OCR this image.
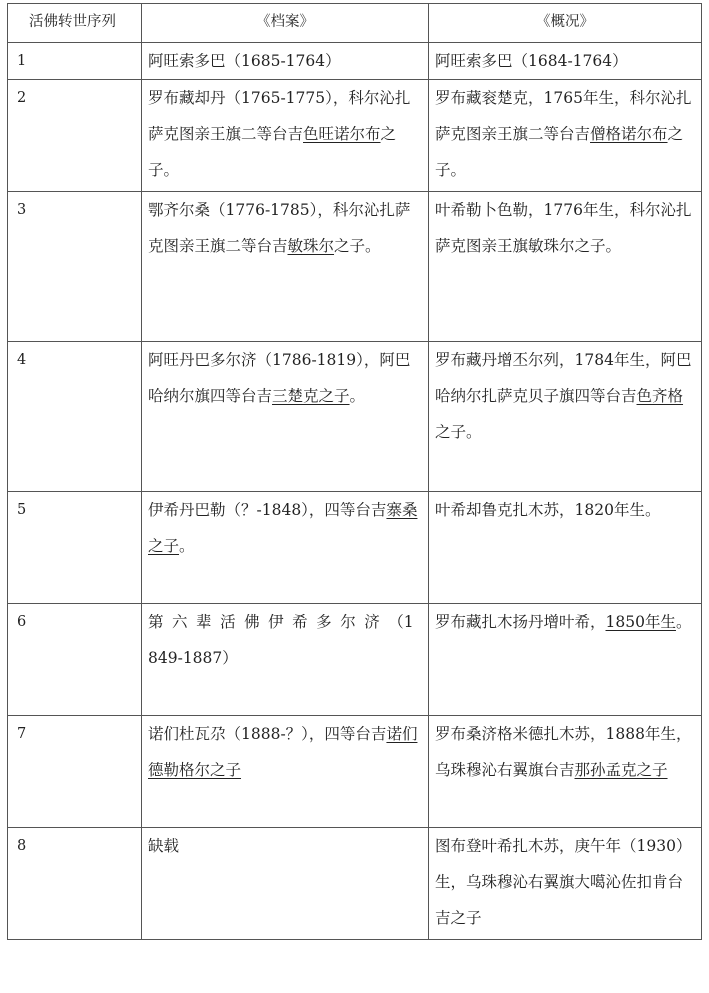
活佛转世序列	《档案》	《概况》
1	阿旺索多巴（1685-1764）	阿旺索多巴（1684-1764）
2	罗布藏却丹（1765-1775），科尔沁扎萨克图亲王旗二等台吉色旺诺尔布之子。	罗布藏衮楚克，1765年生，科尔沁扎萨克图亲王旗二等台吉僧格诺尔布之子。
3	鄂齐尔桑（1776-1785），科尔沁扎萨克图亲王旗二等台吉敏珠尔之子。	叶希勒卜色勒，1776年生，科尔沁扎萨克图亲王旗敏珠尔之子。
4	阿旺丹巴多尔济（1786-1819），阿巴哈纳尔旗四等台吉三楚克之子。	罗布藏丹增丕尔列，1784年生，阿巴哈纳尔扎萨克贝子旗四等台吉色齐格之子。
5	伊希丹巴勒（？-1848），四等台吉寨桑之子。	叶希却鲁克扎木苏，1820年生。
6	第六辈活佛伊希多尔济（1849-1887）	罗布藏扎木扬丹增叶希，1850年生。
7	诺们杜瓦尕（1888-？），四等台吉诺们德勒格尔之子	罗布桑济格米德扎木苏，1888年生，乌珠穆沁右翼旗台吉那孙孟克之子
8	缺载	图布登叶希扎木苏，庚午年（1930）生，乌珠穆沁右翼旗大噶沁佐扣肯台吉之子
